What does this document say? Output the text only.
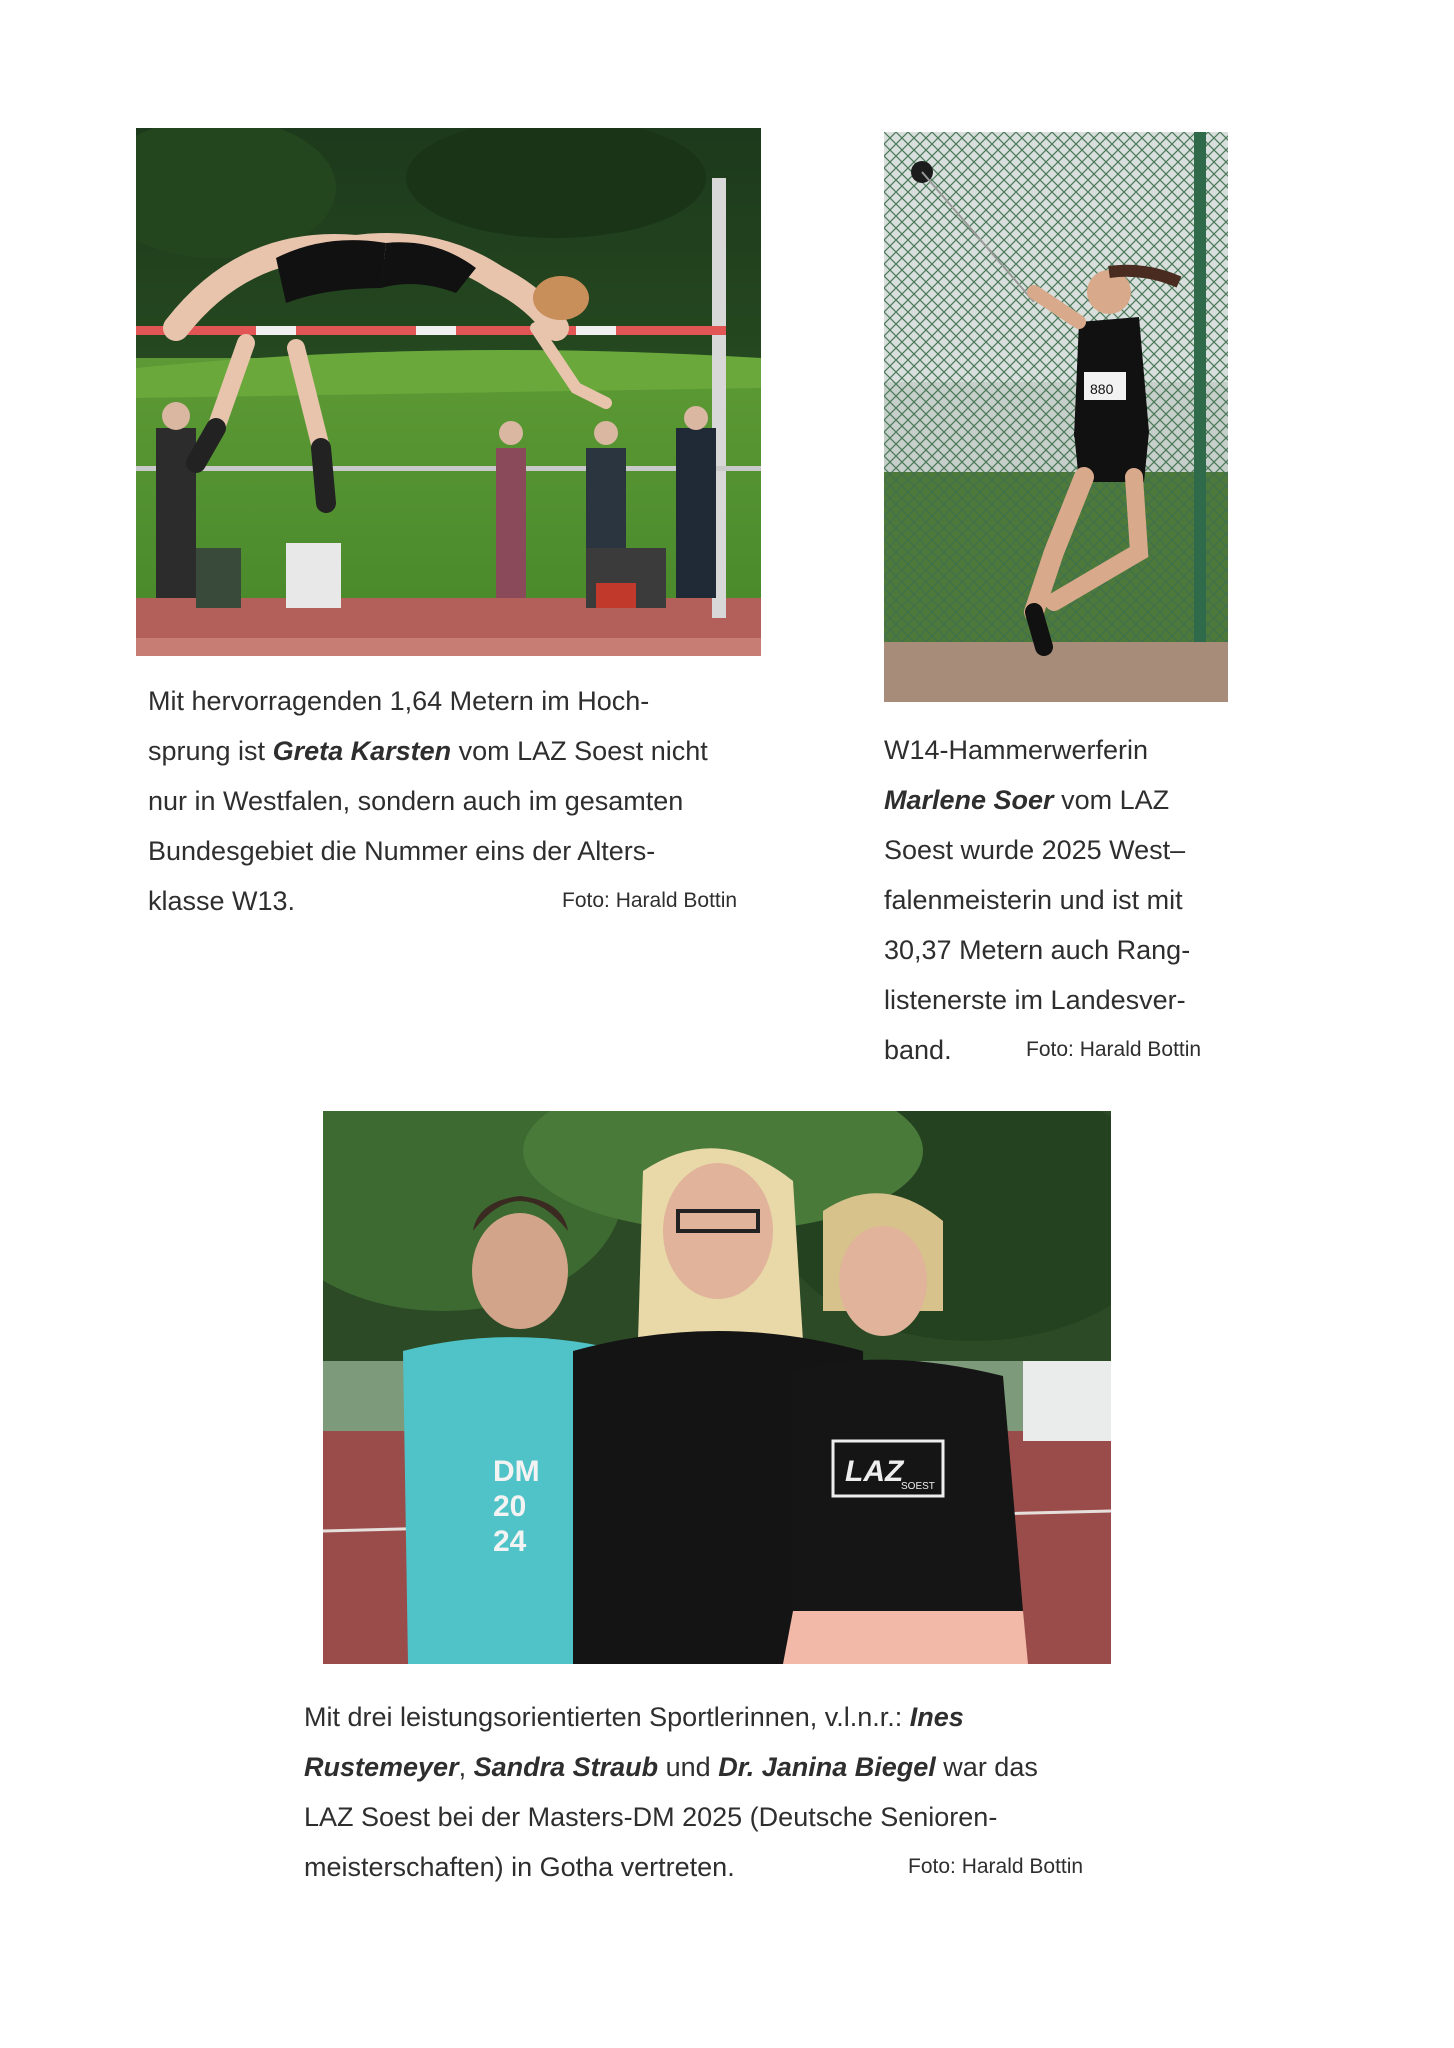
880
Mit hervorragenden 1,64 Metern im Hoch-
sprung ist Greta Karsten vom LAZ Soest nicht
nur in Westfalen, sondern auch im gesamten
Bundesgebiet die Nummer eins der Alters-
klasse W13.	Foto: Harald Bottin
W14-Hammerwerferin
Marlene Soer vom LAZ
Soest wurde 2025 West–
falenmeisterin und ist mit
30,37 Metern auch Rang-
listenerste im Landesver-
band.	Foto: Harald Bottin
DM
20
24
LAZ
SOEST
Mit drei leistungsorientierten Sportlerinnen, v.l.n.r.: Ines
Rustemeyer, Sandra Straub und Dr. Janina Biegel war das
LAZ Soest bei der Masters-DM 2025 (Deutsche Senioren-
meisterschaften) in Gotha vertreten.	Foto: Harald Bottin
